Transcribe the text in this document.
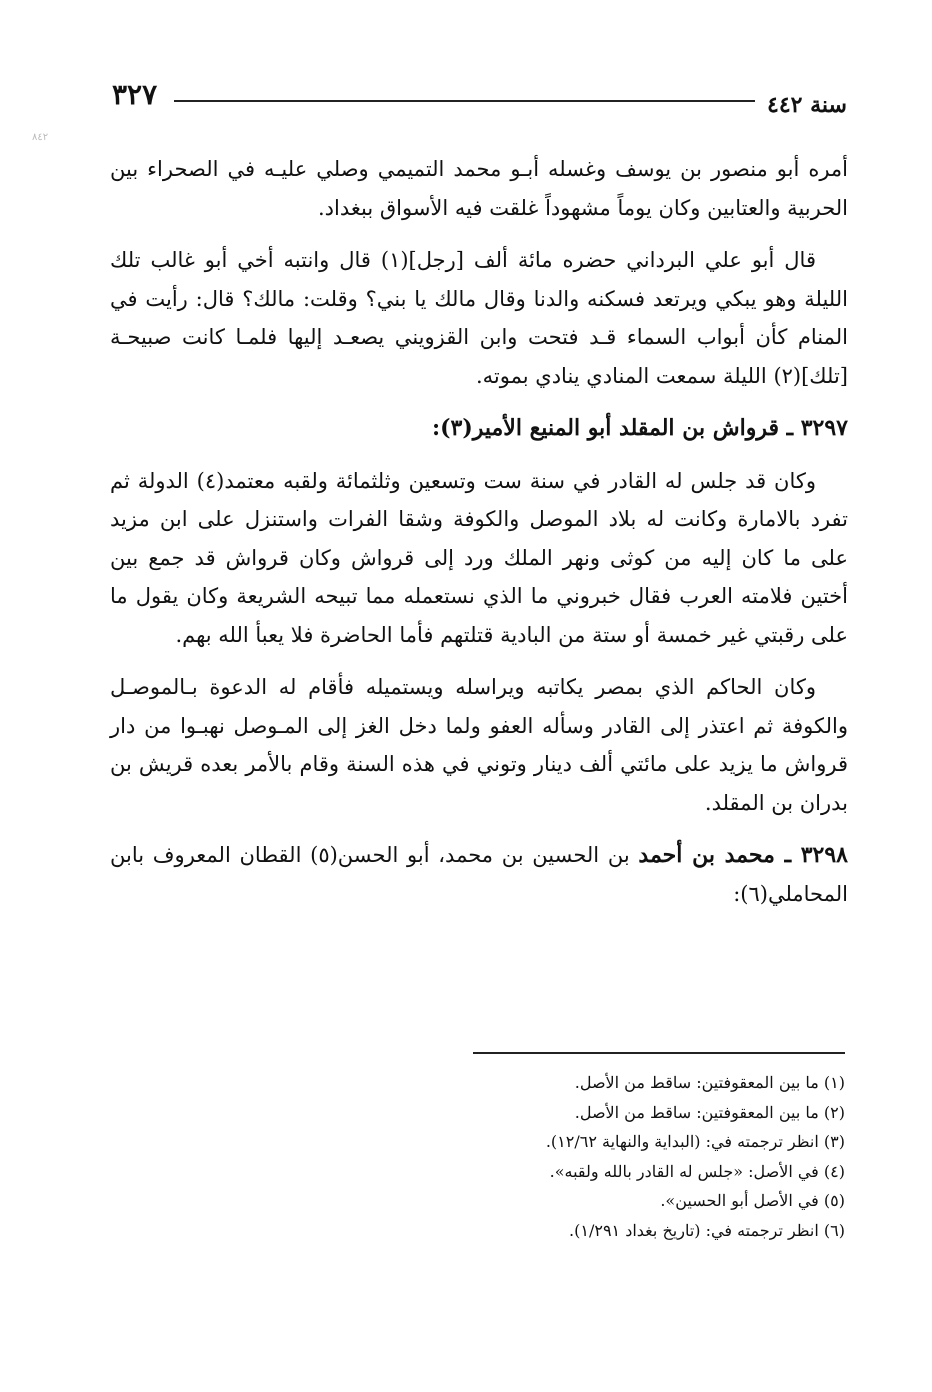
٣٢٧	سنة ٤٤٢
٨٤٢

أمره أبو منصور بن يوسف وغسله أبـو محمد التميمي وصلي عليـه في الصحراء بين الحربية والعتابين وكان يوماً مشهوداً غلقت فيه الأسواق ببغداد.

قال أبو علي البرداني حضره مائة ألف [رجل](١) قال وانتبه أخي أبو غالب تلك الليلة وهو يبكي ويرتعد فسكنه والدنا وقال مالك يا بني؟ وقلت: مالك؟ قال: رأيت في المنام كأن أبواب السماء قـد فتحت وابن القزويني يصعـد إليها فلمـا كانت صبيحـة [تلك](٢) الليلة سمعت المنادي ينادي بموته.

٣٢٩٧ ـ قرواش بن المقلد أبو المنيع الأمير(٣):

وكان قد جلس له القادر في سنة ست وتسعين وثلثمائة ولقبه معتمد(٤) الدولة ثم تفرد بالامارة وكانت له بلاد الموصل والكوفة وشقا الفرات واستنزل على ابن مزيد على ما كان إليه من كوثى ونهر الملك ورد إلى قرواش وكان قرواش قد جمع بين أختين فلامته العرب فقال خبروني ما الذي نستعمله مما تبيحه الشريعة وكان يقول ما على رقبتي غير خمسة أو ستة من البادية قتلتهم فأما الحاضرة فلا يعبأ الله بهم.

وكان الحاكم الذي بمصر يكاتبه ويراسله ويستميله فأقام له الدعوة بـالموصـل والكوفة ثم اعتذر إلى القادر وسأله العفو ولما دخل الغز إلى المـوصل نهبـوا من دار قرواش ما يزيد على مائتي ألف دينار وتوني في هذه السنة وقام بالأمر بعده قريش بن بدران بن المقلد.

٣٢٩٨ ـ محمد بن أحمد بن الحسين بن محمد، أبو الحسن(٥) القطان المعروف بابن المحاملي(٦):

(١) ما بين المعقوفتين: ساقط من الأصل.

(٢) ما بين المعقوفتين: ساقط من الأصل.

(٣) انظر ترجمته في: (البداية والنهاية ١٢/٦٢).

(٤) في الأصل: «جلس له القادر بالله ولقبه».

(٥) في الأصل أبو الحسين».

(٦) انظر ترجمته في: (تاريخ بغداد ١/٢٩١).
